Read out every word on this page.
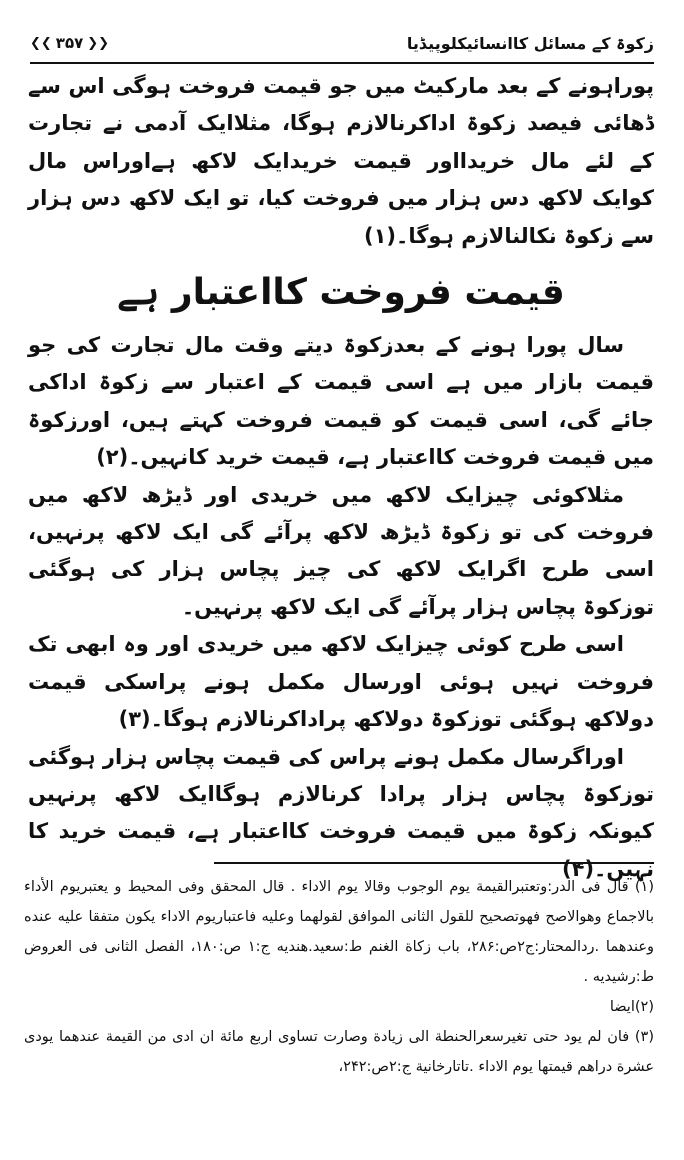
زکوۃ کے مسائل کاانسائیکلوپیڈیا
❮❮ ۳۵۷ ❯❯

پوراہونے کے بعد مارکیٹ میں جو قیمت فروخت ہوگی اس سے ڈھائی فیصد زکوۃ اداکرنالازم ہوگا، مثلاایک آدمی نے تجارت کے لئے مال خریدااور قیمت خریدایک لاکھ ہےاوراس مال کوایک لاکھ دس ہزار میں فروخت کیا، تو ایک لاکھ دس ہزار سے زکوۃ نکالنالازم ہوگا۔(۱)

قیمت فروخت کااعتبار ہے

سال پورا ہونے کے بعدزکوۃ دیتے وقت مال تجارت کی جو قیمت بازار میں ہے اسی قیمت کے اعتبار سے زکوۃ اداکی جائے گی، اسی قیمت کو قیمت فروخت کہتے ہیں، اورزکوۃ میں قیمت فروخت کااعتبار ہے، قیمت خرید کانہیں۔(۲)

مثلاکوئی چیزایک لاکھ میں خریدی اور ڈیڑھ لاکھ میں فروخت کی تو زکوۃ ڈیڑھ لاکھ پرآئے گی ایک لاکھ پرنہیں، اسی طرح اگرایک لاکھ کی چیز پچاس ہزار کی ہوگئی توزکوۃ پچاس ہزار پرآئے گی ایک لاکھ پرنہیں۔

اسی طرح کوئی چیزایک لاکھ میں خریدی اور وہ ابھی تک فروخت نہیں ہوئی اورسال مکمل ہونے پراسکی قیمت دولاکھ ہوگئی توزکوۃ دولاکھ پراداکرنالازم ہوگا۔(۳)

اوراگرسال مکمل ہونے پراس کی قیمت پچاس ہزار ہوگئی توزکوۃ پچاس ہزار پرادا کرنالازم ہوگاایک لاکھ پرنہیں کیونکہ زکوۃ میں قیمت فروخت کااعتبار ہے، قیمت خرید کا نہیں۔(۴)

(۱) قال فی الدر:وتعتبرالقیمة یوم الوجوب وقالا یوم الاداء . قال المحقق وفی المحیط و یعتبریوم الأداء بالاجماع وهوالاصح فهوتصحیح للقول الثانی الموافق لقولهما وعلیه فاعتباریوم الاداء یکون متفقا علیه عنده وعندهما .ردالمحتار:ج۲ص:۲۸۶، باب زکاة الغنم ط:سعید.هندیه ج:۱ ص:۱۸۰، الفصل الثانی فی العروض ط:رشیدیه .

(۲)ایضا

(۳) فان لم یود حتی تغیرسعرالحنطة الی زیادة وصارت تساوی اربع مائة ان ادی من القیمة عندهما یودی عشرة دراهم قیمتها یوم الاداء .تاتارخانیة ج:۲ص:۲۴۲،
